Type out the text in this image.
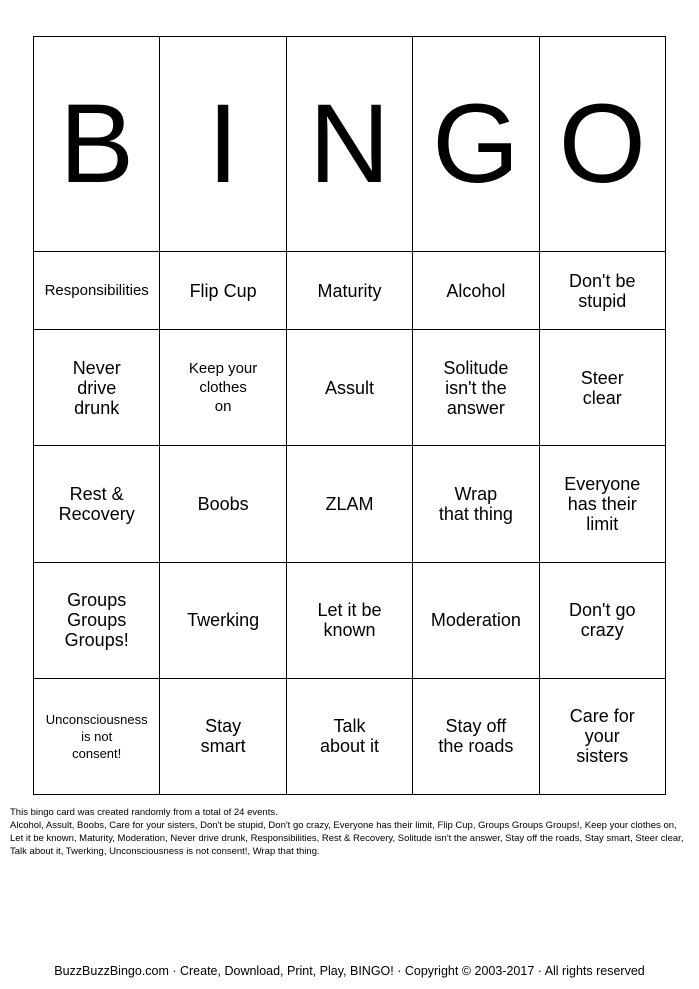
B	I	N	G	O
Responsibilities	Flip Cup	Maturity	Alcohol	Don't be
stupid
Never
drive
drunk	Keep your
clothes
on	Assult	Solitude
isn't the
answer	Steer
clear
Rest &
Recovery	Boobs	ZLAM	Wrap
that thing	Everyone
has their
limit
Groups
Groups
Groups!	Twerking	Let it be
known	Moderation	Don't go
crazy
Unconsciousness
is not
consent!	Stay
smart	Talk
about it	Stay off
the roads	Care for
your
sisters

This bingo card was created randomly from a total of 24 events.

Alcohol, Assult, Boobs, Care for your sisters, Don't be stupid, Don't go crazy, Everyone has their limit, Flip Cup, Groups Groups Groups!, Keep your clothes on, Let it be known, Maturity, Moderation, Never drive drunk, Responsibilities, Rest & Recovery, Solitude isn't the answer, Stay off the roads, Stay smart, Steer clear, Talk about it, Twerking, Unconsciousness is not consent!, Wrap that thing.

BuzzBuzzBingo.com · Create, Download, Print, Play, BINGO! · Copyright © 2003-2017 · All rights reserved
